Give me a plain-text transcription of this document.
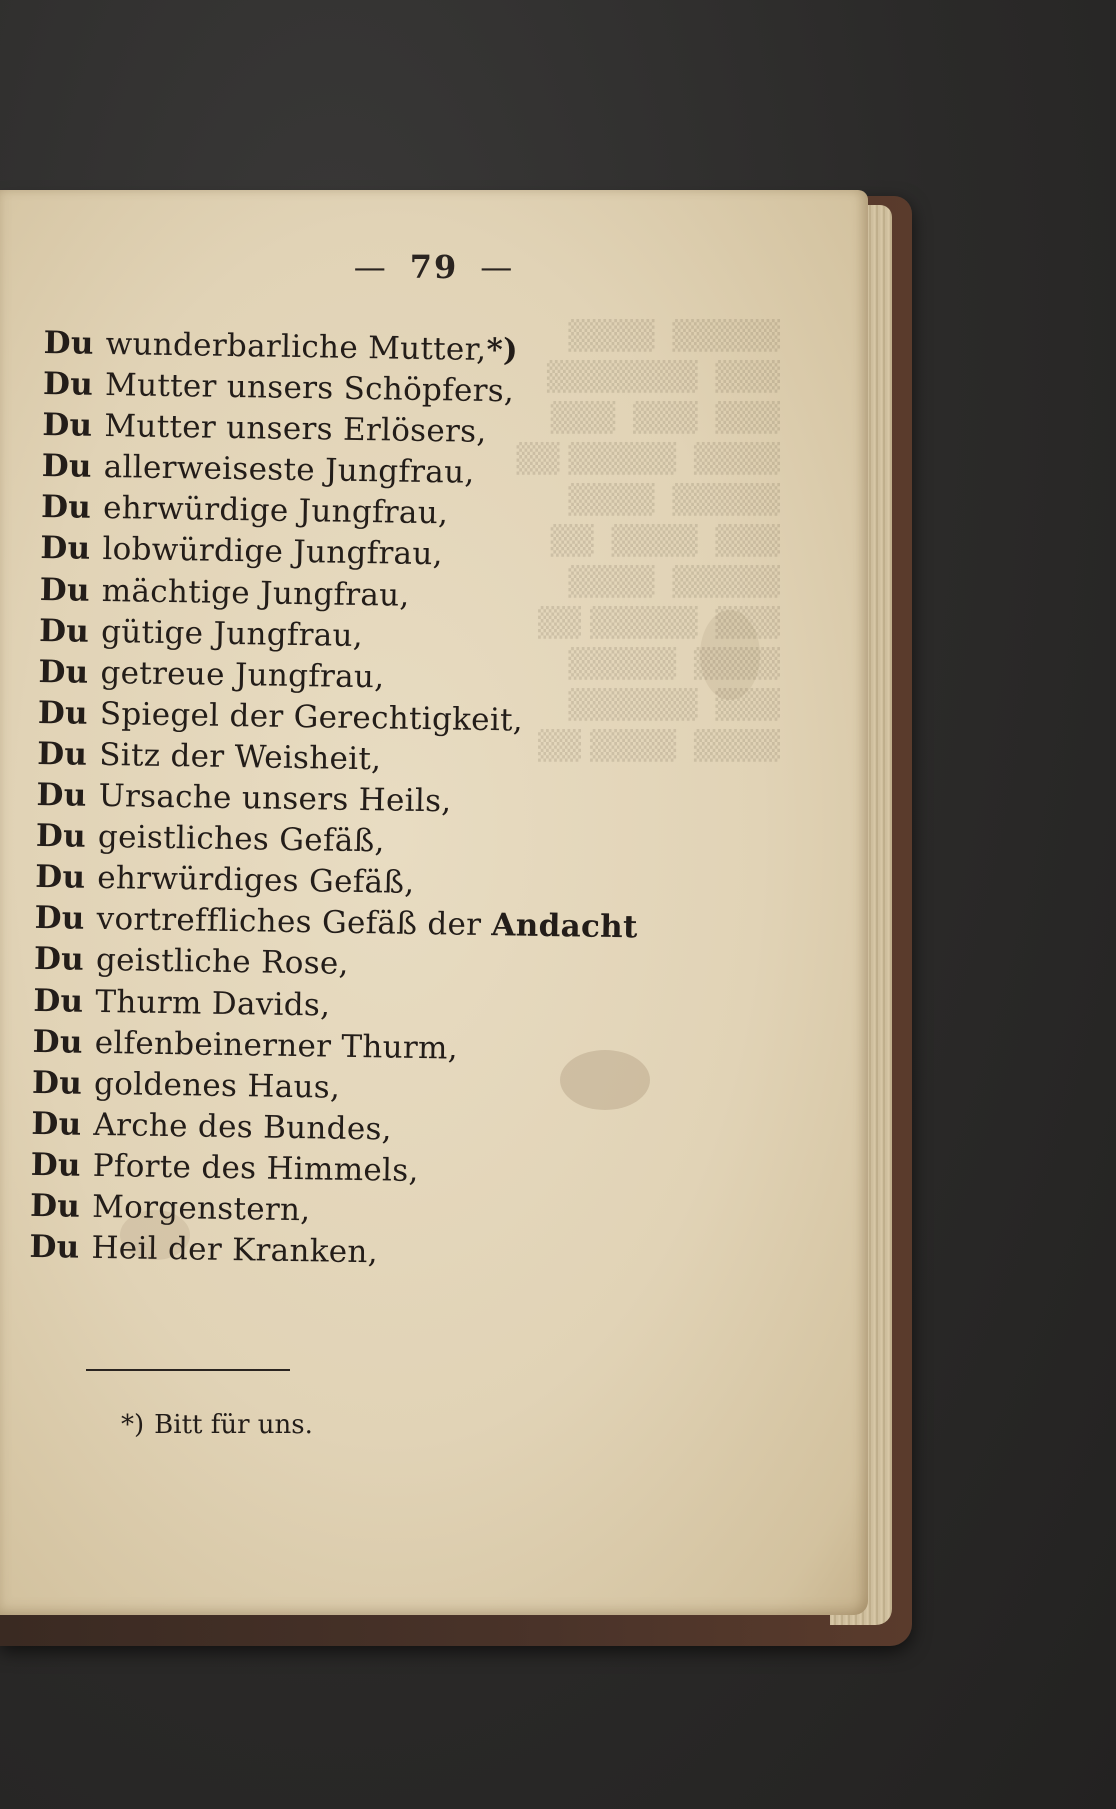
▒▒▒▒▒  ▒▒▒▒
▒▒▒  ▒▒▒▒▒▒▒
▒▒▒  ▒▒▒  ▒▒▒
▒▒▒▒  ▒▒▒▒▒ ▒▒
▒▒▒▒▒  ▒▒▒▒
▒▒▒  ▒▒▒▒  ▒▒
▒▒▒▒▒  ▒▒▒▒
▒▒▒  ▒▒▒▒▒ ▒▒
▒▒▒▒  ▒▒▒▒▒
▒▒▒  ▒▒▒▒▒▒
▒▒▒▒  ▒▒▒▒ ▒▒
— 79 —
Du wunderbarliche Mutter,*)
Du Mutter unsers Schöpfers,
Du Mutter unsers Erlösers,
Du allerweiseste Jungfrau,
Du ehrwürdige Jungfrau,
Du lobwürdige Jungfrau,
Du mächtige Jungfrau,
Du gütige Jungfrau,
Du getreue Jungfrau,
Du Spiegel der Gerechtigkeit,
Du Sitz der Weisheit,
Du Ursache unsers Heils,
Du geistliches Gefäß,
Du ehrwürdiges Gefäß,
Du vortreffliches Gefäß der Andacht
Du geistliche Rose,
Du Thurm Davids,
Du elfenbeinerner Thurm,
Du goldenes Haus,
Du Arche des Bundes,
Du Pforte des Himmels,
Du Morgenstern,
Du Heil der Kranken,
*) Bitt für uns.
